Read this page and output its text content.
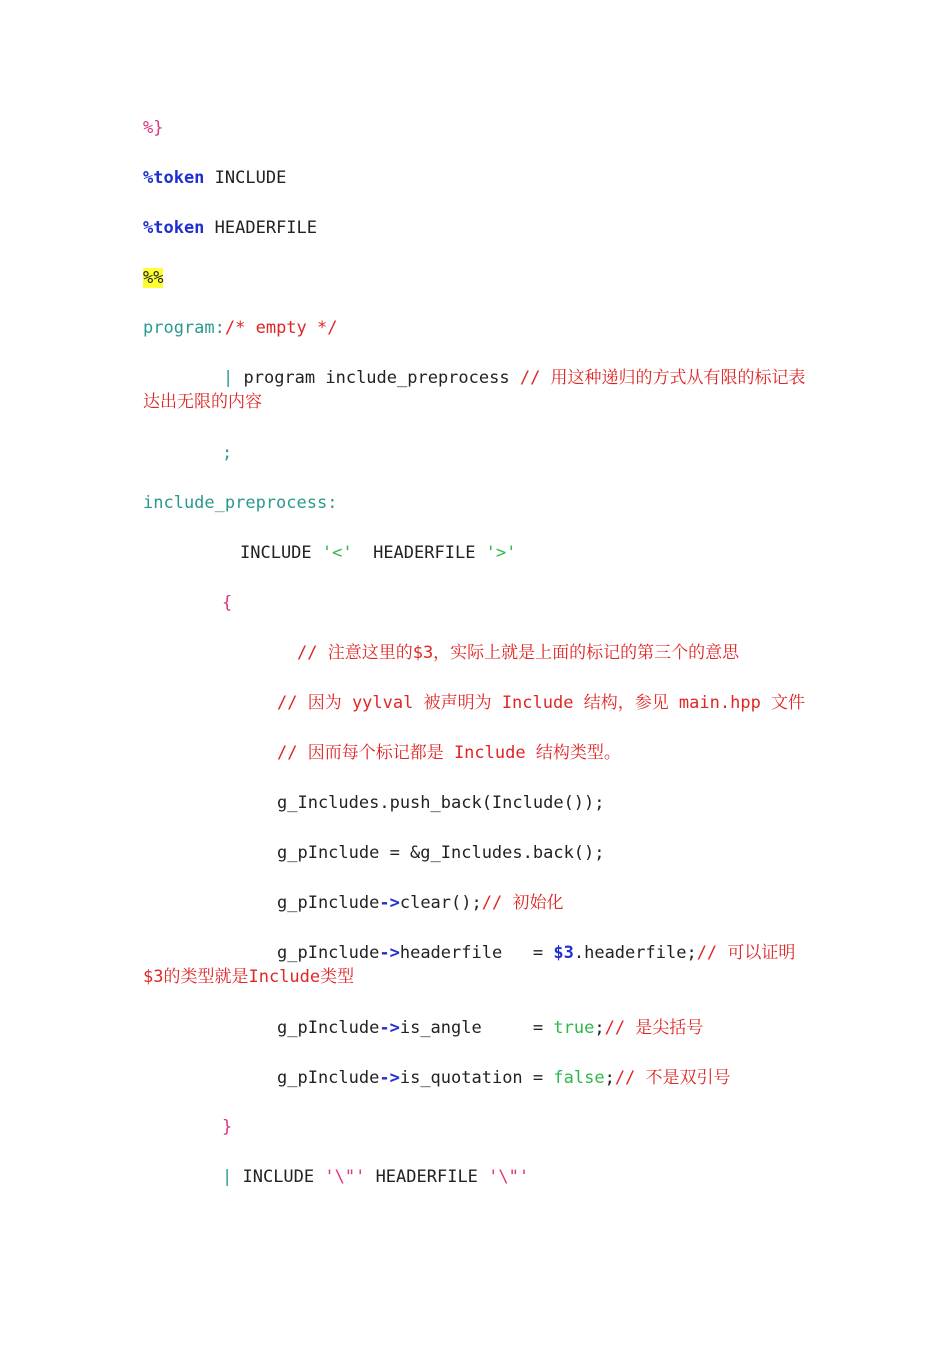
%}
%token INCLUDE
%token HEADERFILE
%%
program:/* empty */
| program include_preprocess // 用这种递归的方式从有限的标记表达出无限的内容
;
include_preprocess:
INCLUDE '<'  HEADERFILE '>'
{
// 注意这里的$3，实际上就是上面的标记的第三个的意思
// 因为 yylval 被声明为 Include 结构，参见 main.hpp 文件
// 因而每个标记都是 Include 结构类型。
g_Includes.push_back(Include());
g_pInclude = &g_Includes.back();
g_pInclude->clear();// 初始化
g_pInclude->headerfile   = $3.headerfile;// 可以证明$3的类型就是Include类型
g_pInclude->is_angle     = true;// 是尖括号
g_pInclude->is_quotation = false;// 不是双引号
}
| INCLUDE '\"' HEADERFILE '\"'
